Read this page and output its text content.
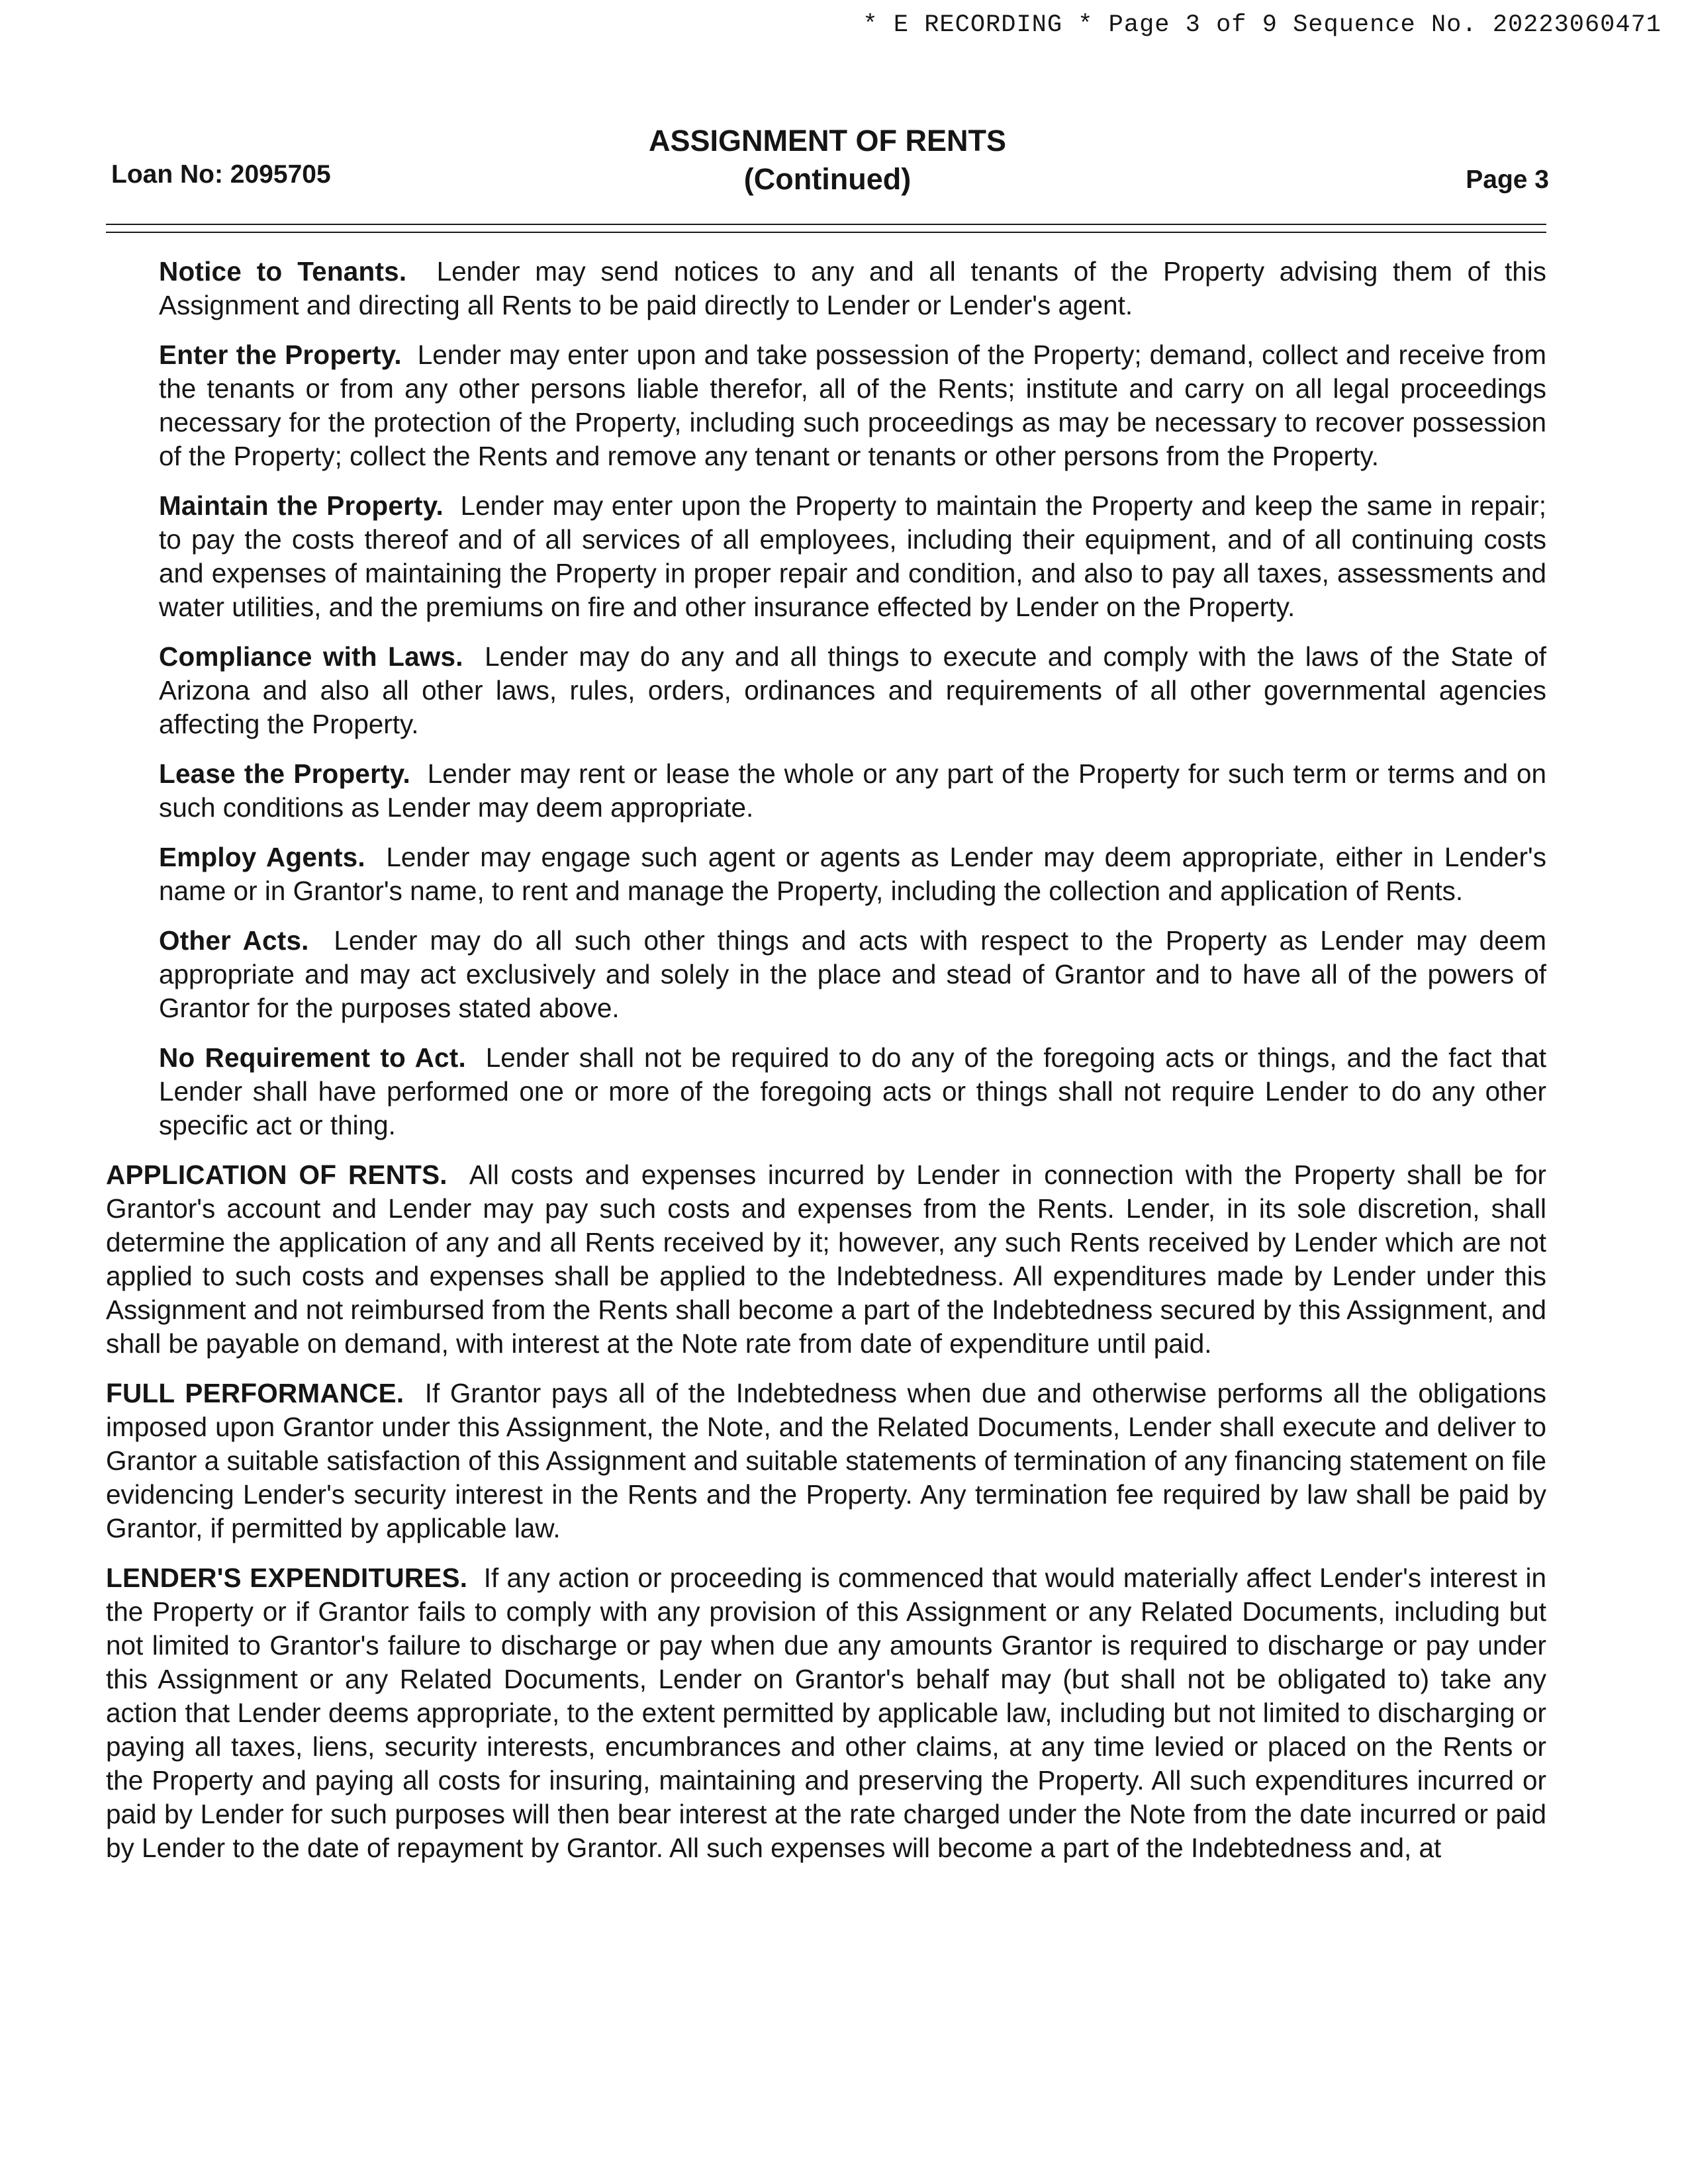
* E RECORDING * Page 3 of 9 Sequence No. 20223060471
Loan No: 2095705
ASSIGNMENT OF RENTS
(Continued)	Page 3

Notice to Tenants. Lender may send notices to any and all tenants of the Property advising them of this Assignment and directing all Rents to be paid directly to Lender or Lender's agent.

Enter the Property. Lender may enter upon and take possession of the Property; demand, collect and receive from the tenants or from any other persons liable therefor, all of the Rents; institute and carry on all legal proceedings necessary for the protection of the Property, including such proceedings as may be necessary to recover possession of the Property; collect the Rents and remove any tenant or tenants or other persons from the Property.

Maintain the Property. Lender may enter upon the Property to maintain the Property and keep the same in repair; to pay the costs thereof and of all services of all employees, including their equipment, and of all continuing costs and expenses of maintaining the Property in proper repair and condition, and also to pay all taxes, assessments and water utilities, and the premiums on fire and other insurance effected by Lender on the Property.

Compliance with Laws. Lender may do any and all things to execute and comply with the laws of the State of Arizona and also all other laws, rules, orders, ordinances and requirements of all other governmental agencies affecting the Property.

Lease the Property. Lender may rent or lease the whole or any part of the Property for such term or terms and on such conditions as Lender may deem appropriate.

Employ Agents. Lender may engage such agent or agents as Lender may deem appropriate, either in Lender's name or in Grantor's name, to rent and manage the Property, including the collection and application of Rents.

Other Acts. Lender may do all such other things and acts with respect to the Property as Lender may deem appropriate and may act exclusively and solely in the place and stead of Grantor and to have all of the powers of Grantor for the purposes stated above.

No Requirement to Act. Lender shall not be required to do any of the foregoing acts or things, and the fact that Lender shall have performed one or more of the foregoing acts or things shall not require Lender to do any other specific act or thing.

APPLICATION OF RENTS. All costs and expenses incurred by Lender in connection with the Property shall be for Grantor's account and Lender may pay such costs and expenses from the Rents. Lender, in its sole discretion, shall determine the application of any and all Rents received by it; however, any such Rents received by Lender which are not applied to such costs and expenses shall be applied to the Indebtedness. All expenditures made by Lender under this Assignment and not reimbursed from the Rents shall become a part of the Indebtedness secured by this Assignment, and shall be payable on demand, with interest at the Note rate from date of expenditure until paid.

FULL PERFORMANCE. If Grantor pays all of the Indebtedness when due and otherwise performs all the obligations imposed upon Grantor under this Assignment, the Note, and the Related Documents, Lender shall execute and deliver to Grantor a suitable satisfaction of this Assignment and suitable statements of termination of any financing statement on file evidencing Lender's security interest in the Rents and the Property. Any termination fee required by law shall be paid by Grantor, if permitted by applicable law.

LENDER'S EXPENDITURES. If any action or proceeding is commenced that would materially affect Lender's interest in the Property or if Grantor fails to comply with any provision of this Assignment or any Related Documents, including but not limited to Grantor's failure to discharge or pay when due any amounts Grantor is required to discharge or pay under this Assignment or any Related Documents, Lender on Grantor's behalf may (but shall not be obligated to) take any action that Lender deems appropriate, to the extent permitted by applicable law, including but not limited to discharging or paying all taxes, liens, security interests, encumbrances and other claims, at any time levied or placed on the Rents or the Property and paying all costs for insuring, maintaining and preserving the Property. All such expenditures incurred or paid by Lender for such purposes will then bear interest at the rate charged under the Note from the date incurred or paid by Lender to the date of repayment by Grantor. All such expenses will become a part of the Indebtedness and, at
